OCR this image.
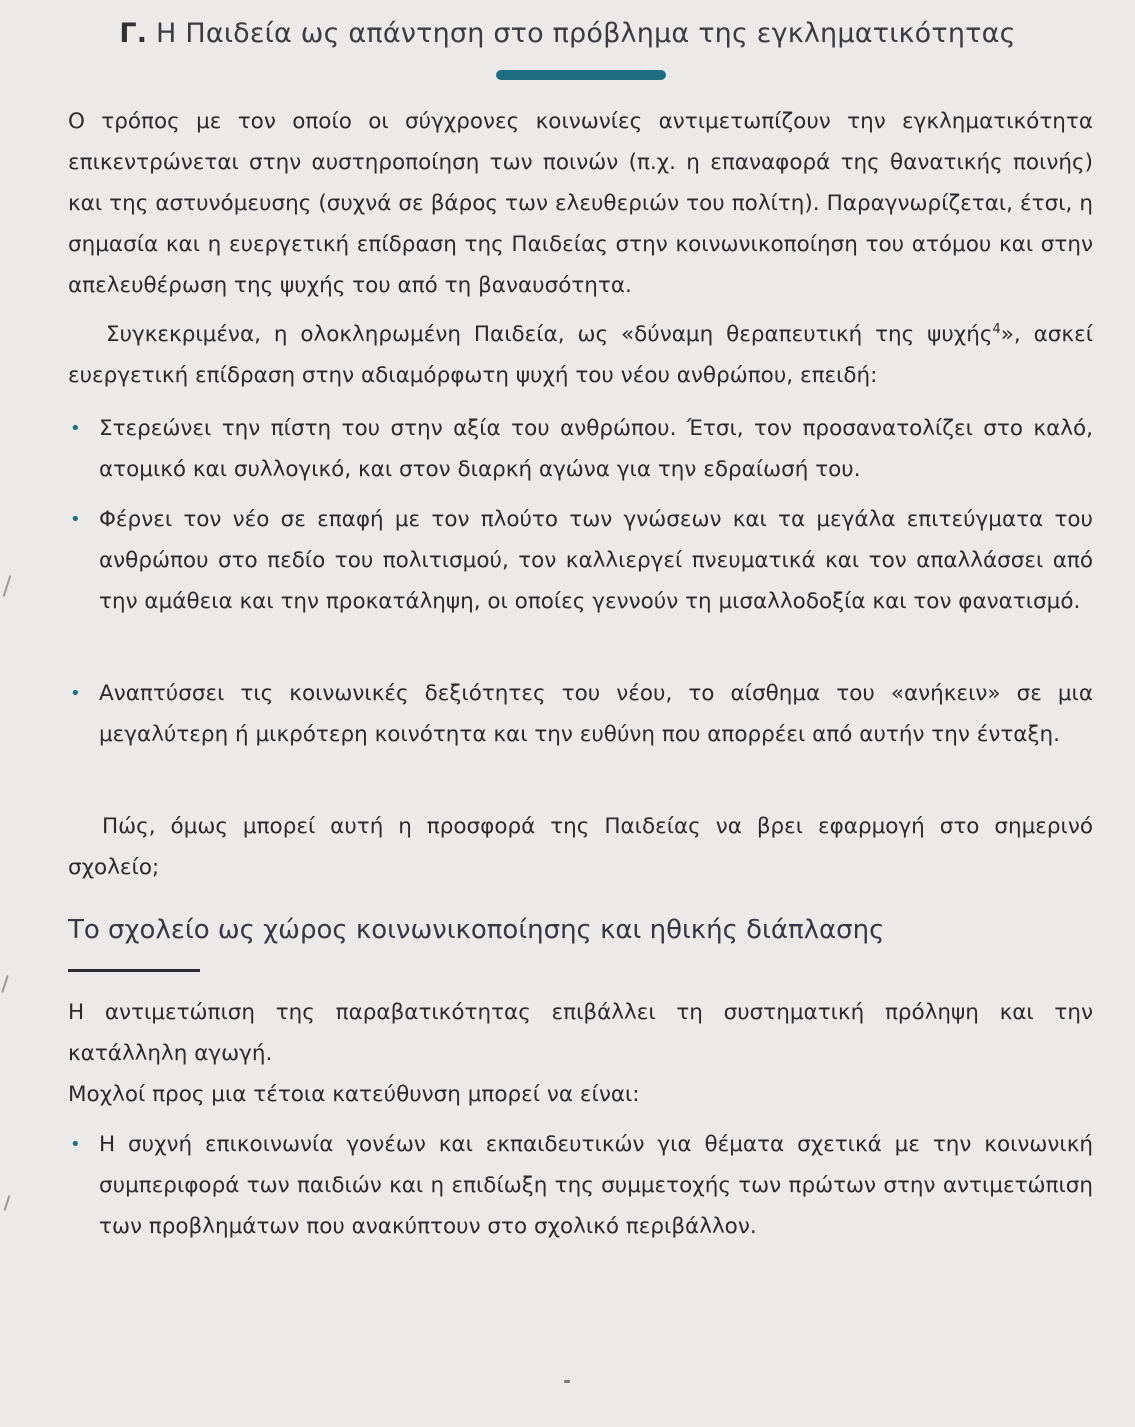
Γ. Η Παιδεία ως απάντηση στο πρόβλημα της εγκληματικότητας

Ο τρόπος με τον οποίο οι σύγχρονες κοινωνίες αντιμετωπίζουν την εγκληματικότητα επικεντρώνεται στην αυστηροποίηση των ποινών (π.χ. η επαναφορά της θανατικής ποινής) και της αστυνόμευσης (συχνά σε βάρος των ελευθεριών του πολίτη). Παραγνωρίζεται, έτσι, η σημασία και η ευεργετική επίδραση της Παιδείας στην κοινωνικοποίηση του ατόμου και στην απελευθέρωση της ψυχής του από τη βαναυσότητα.

Συγκεκριμένα, η ολοκληρωμένη Παιδεία, ως «δύναμη θεραπευτική της ψυχής$^4$», ασκεί ευεργετική επίδραση στην αδιαμόρφωτη ψυχή του νέου ανθρώπου, επειδή:

• Στερεώνει την πίστη του στην αξία του ανθρώπου. Έτσι, τον προσανατολίζει στο καλό, ατομικό και συλλογικό, και στον διαρκή αγώνα για την εδραίωσή του.
• Φέρνει τον νέο σε επαφή με τον πλούτο των γνώσεων και τα μεγάλα επιτεύγματα του ανθρώπου στο πεδίο του πολιτισμού, τον καλλιεργεί πνευματικά και τον απαλλάσσει από την αμάθεια και την προκατάληψη, οι οποίες γεννούν τη μισαλλοδοξία και τον φανατισμό.
• Αναπτύσσει τις κοινωνικές δεξιότητες του νέου, το αίσθημα του «ανήκειν» σε μια μεγαλύτερη ή μικρότερη κοινότητα και την ευθύνη που απορρέει από αυτήν την ένταξη.

Πώς, όμως μπορεί αυτή η προσφορά της Παιδείας να βρει εφαρμογή στο σημερινό σχολείο;

Το σχολείο ως χώρος κοινωνικοποίησης και ηθικής διάπλασης

Η αντιμετώπιση της παραβατικότητας επιβάλλει τη συστηματική πρόληψη και την κατάλληλη αγωγή.

Μοχλοί προς μια τέτοια κατεύθυνση μπορεί να είναι:

• Η συχνή επικοινωνία γονέων και εκπαιδευτικών για θέματα σχετικά με την κοινωνική συμπεριφορά των παιδιών και η επιδίωξη της συμμετοχής των πρώτων στην αντιμετώπιση των προβλημάτων που ανακύπτουν στο σχολικό περιβάλλον.
